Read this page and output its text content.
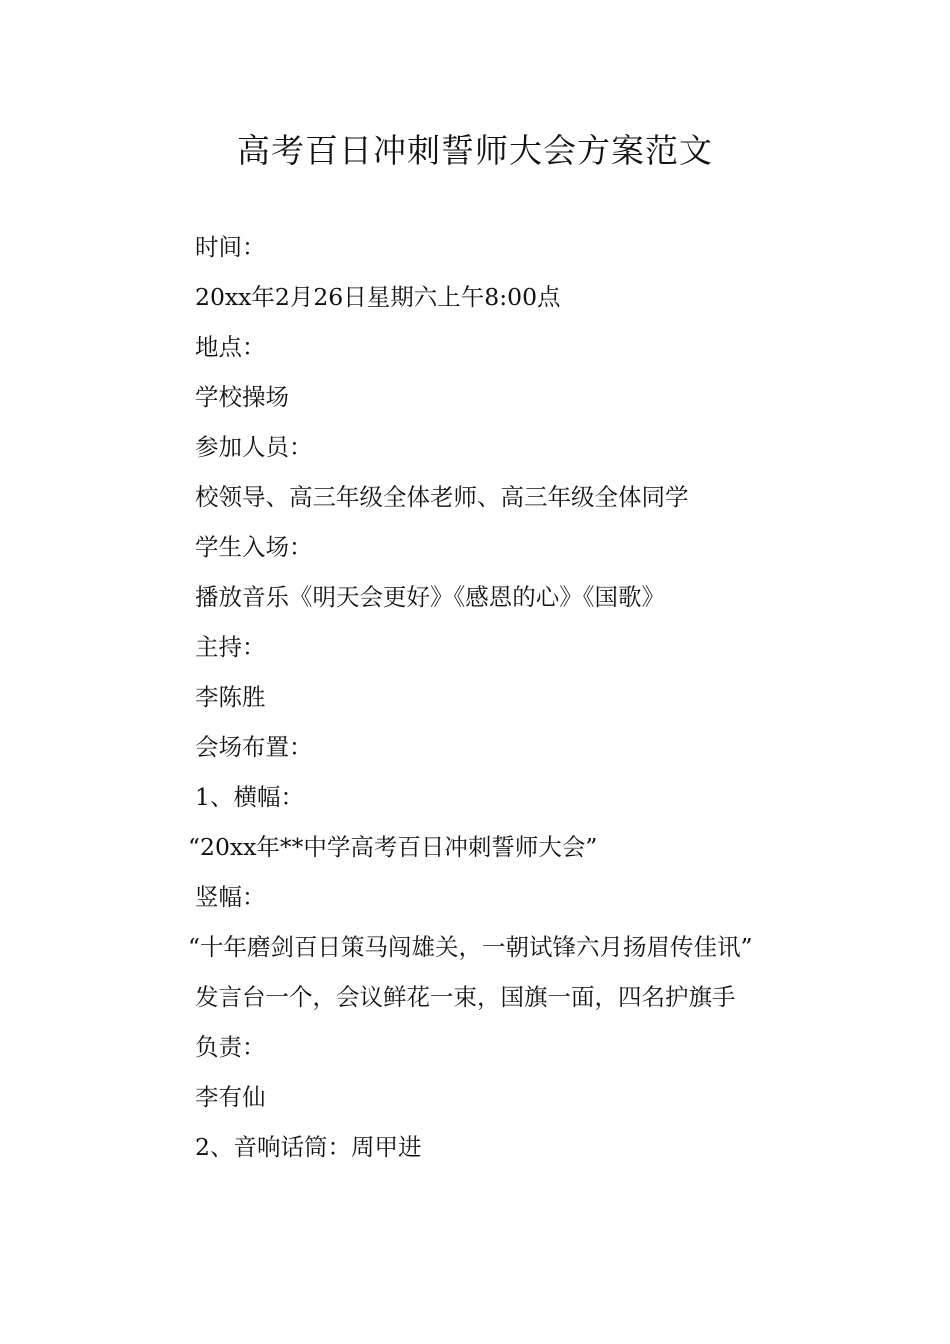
高考百日冲刺誓师大会方案范文

时间：

20xx年2月26日星期六上午8:00点

地点：

学校操场

参加人员：

校领导、高三年级全体老师、高三年级全体同学

学生入场：

播放音乐《明天会更好》《感恩的心》《国歌》

主持：

李陈胜

会场布置：

1、横幅：

“20xx年**中学高考百日冲刺誓师大会”

竖幅：

“十年磨剑百日策马闯雄关，一朝试锋六月扬眉传佳讯”

发言台一个，会议鲜花一束，国旗一面，四名护旗手

负责：

李有仙

2、音响话筒：周甲进
